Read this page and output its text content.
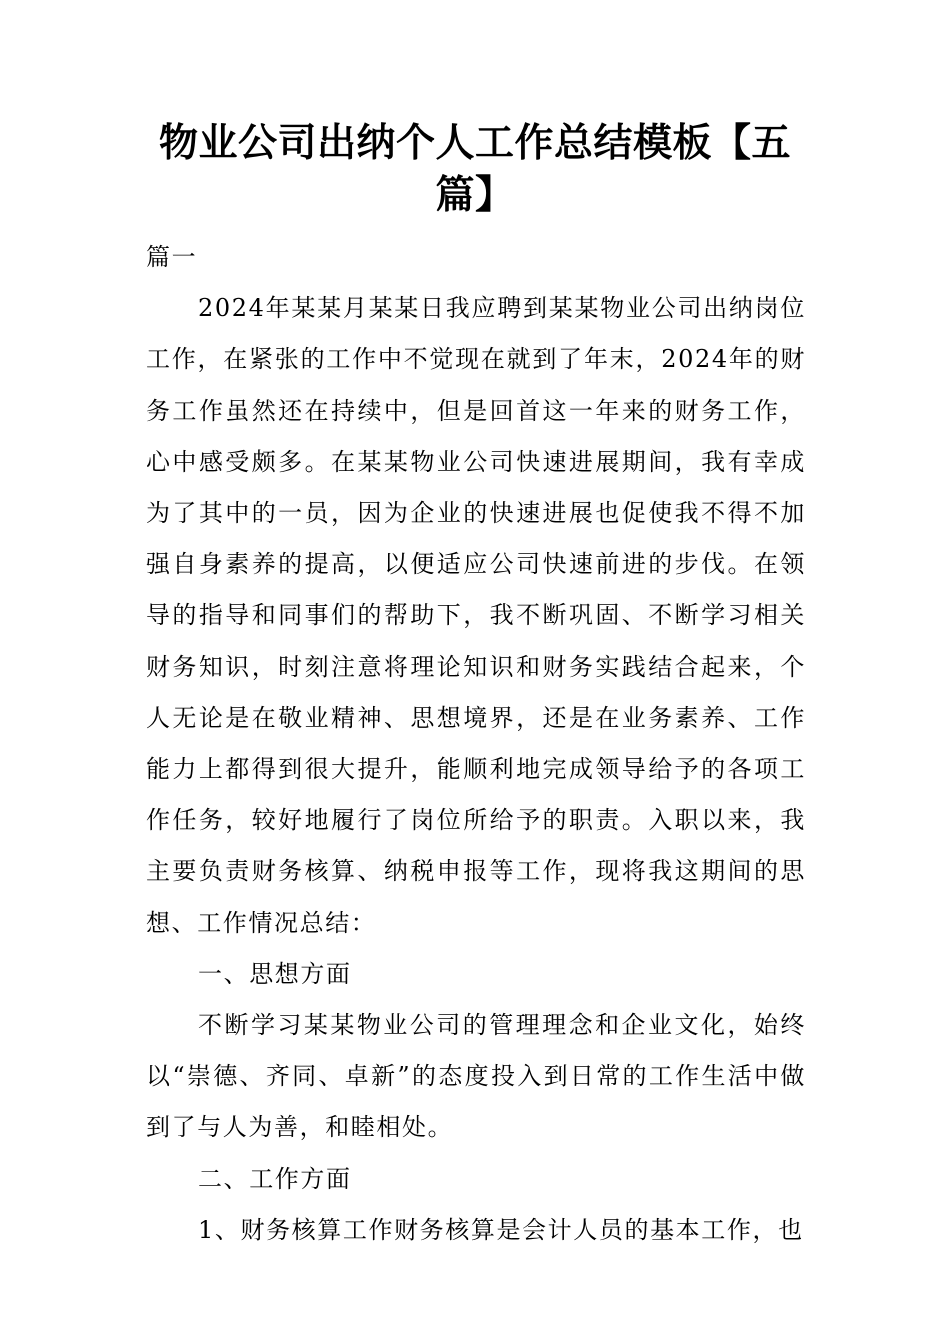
物业公司出纳个人工作总结模板【五篇】

篇一

2024年某某月某某日我应聘到某某物业公司出纳岗位工作，在紧张的工作中不觉现在就到了年末，2024年的财务工作虽然还在持续中，但是回首这一年来的财务工作，心中感受颇多。在某某物业公司快速进展期间，我有幸成为了其中的一员，因为企业的快速进展也促使我不得不加强自身素养的提高，以便适应公司快速前进的步伐。在领导的指导和同事们的帮助下，我不断巩固、不断学习相关财务知识，时刻注意将理论知识和财务实践结合起来，个人无论是在敬业精神、思想境界，还是在业务素养、工作能力上都得到很大提升，能顺利地完成领导给予的各项工作任务，较好地履行了岗位所给予的职责。入职以来，我主要负责财务核算、纳税申报等工作，现将我这期间的思想、工作情况总结：

一、思想方面

不断学习某某物业公司的管理理念和企业文化，始终以“崇德、齐同、卓新”的态度投入到日常的工作生活中做到了与人为善，和睦相处。

二、工作方面

1、财务核算工作财务核算是会计人员的基本工作，也
